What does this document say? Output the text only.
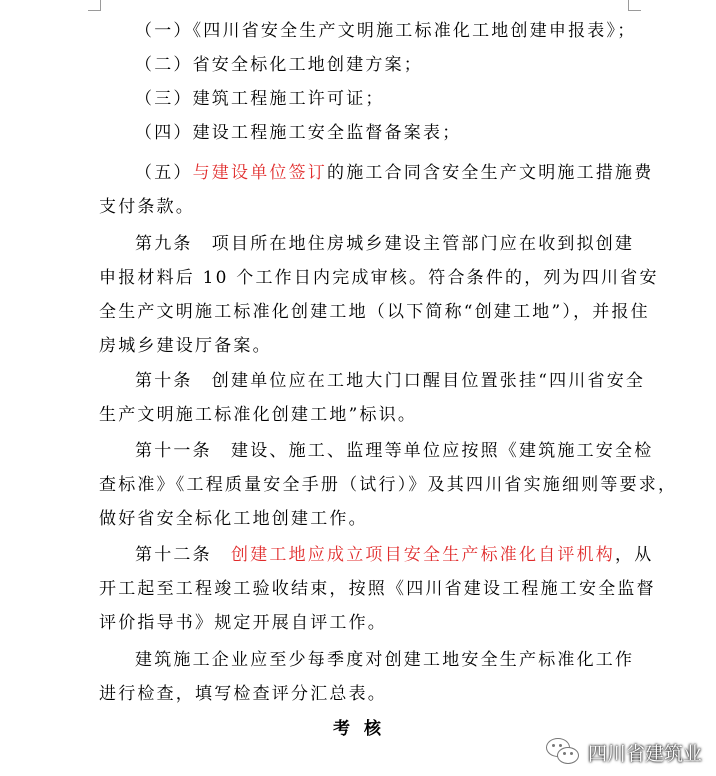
（一）《四川省安全生产文明施工标准化工地创建申报表》；
（二）省安全标化工地创建方案；
（三）建筑工程施工许可证；
（四）建设工程施工安全监督备案表；
（五）与建设单位签订的施工合同含安全生产文明施工措施费
支付条款。
第九条　项目所在地住房城乡建设主管部门应在收到拟创建
申报材料后 10 个工作日内完成审核。符合条件的，列为四川省安
全生产文明施工标准化创建工地（以下简称“创建工地”），并报住
房城乡建设厅备案。
第十条　创建单位应在工地大门口醒目位置张挂“四川省安全
生产文明施工标准化创建工地”标识。
第十一条　建设、施工、监理等单位应按照《建筑施工安全检
查标准》《工程质量安全手册（试行）》及其四川省实施细则等要求，
做好省安全标化工地创建工作。
第十二条　创建工地应成立项目安全生产标准化自评机构，从
开工起至工程竣工验收结束，按照《四川省建设工程施工安全监督
评价指导书》规定开展自评工作。
建筑施工企业应至少每季度对创建工地安全生产标准化工作
进行检查，填写检查评分汇总表。
考核
四川省建筑业
